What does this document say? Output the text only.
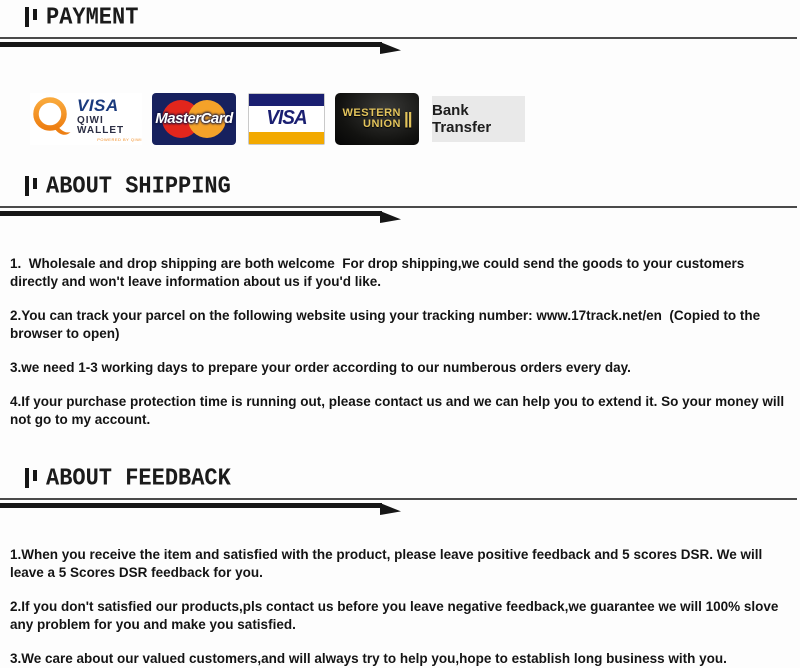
PAYMENT
VISA
QIWI WALLET
POWERED BY QIWI
MasterCard	VISA	WESTERN
UNION || Bank Transfer
ABOUT SHIPPING

1.  Wholesale and drop shipping are both welcome  For drop shipping,we could send the goods to your customers directly and won't leave information about us if you'd like.

2.You can track your parcel on the following website using your tracking number: www.17track.net/en  (Copied to the browser to open)

3.we need 1-3 working days to prepare your order according to our numberous orders every day.

4.If your purchase protection time is running out, please contact us and we can help you to extend it. So your money will not go to my account.

ABOUT FEEDBACK

1.When you receive the item and satisfied with the product, please leave positive feedback and 5 scores DSR. We will leave a 5 Scores DSR feedback for you.

2.If you don't satisfied our products,pls contact us before you leave negative feedback,we guarantee we will 100% slove any problem for you and make you satisfied.

3.We care about our valued customers,and will always try to help you,hope to establish long business with you.
